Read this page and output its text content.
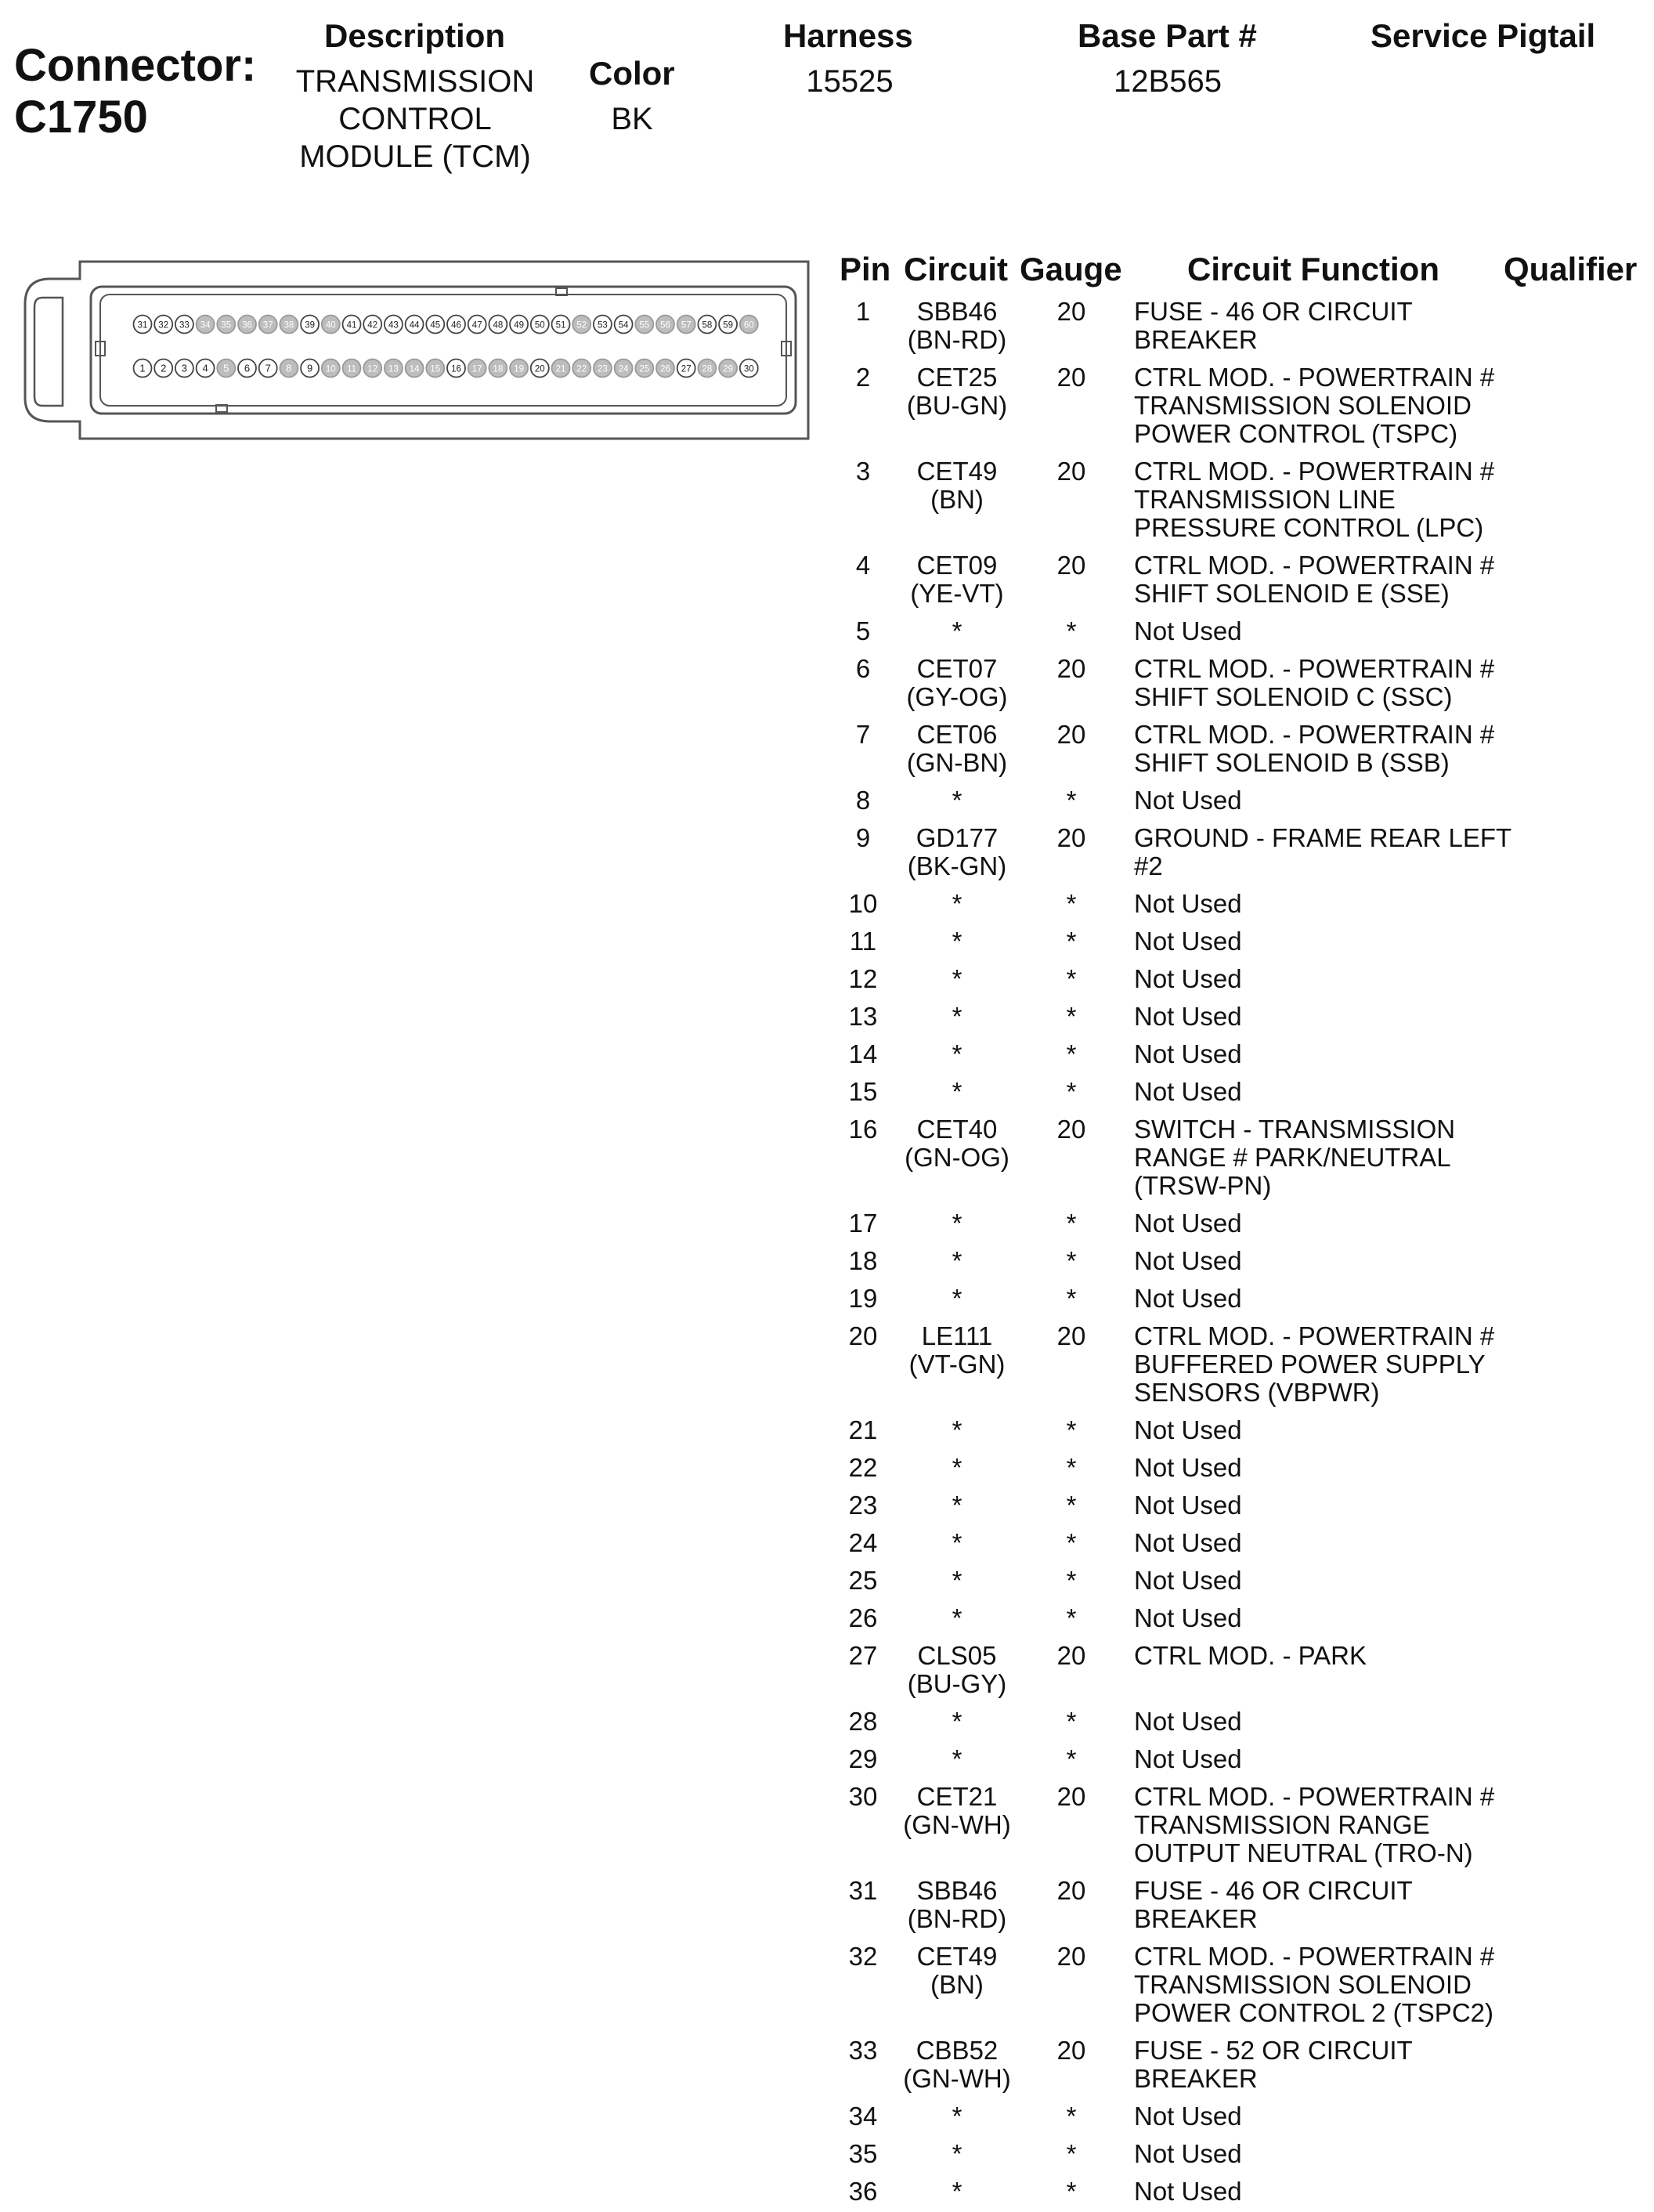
Connector:
C1750
Description
TRANSMISSION
CONTROL
MODULE (TCM)
Color
BK
Harness
15525
Base Part #
12B565
Service Pigtail
31 32 33 34 35 36 37 38 39 40 41 42 43 44 45 46 47 48 49 50 51 52 53 54 55 56 57 58 59 60
1 2 3 4 5 6 7 8 9 10 11 12 13 14 15 16 17 18 19 20 21 22 23 24 25 26 27 28 29 30
Pin Circuit Gauge Circuit Function Qualifier
1	SBB46
(BN-RD)
20	FUSE - 46 OR CIRCUIT
BREAKER
2	CET25
(BU-GN)
20	CTRL MOD. - POWERTRAIN #
TRANSMISSION SOLENOID
POWER CONTROL (TSPC)
3	CET49
(BN)
20	CTRL MOD. - POWERTRAIN #
TRANSMISSION LINE
PRESSURE CONTROL (LPC)
4	CET09
(YE-VT)
20	CTRL MOD. - POWERTRAIN #
SHIFT SOLENOID E (SSE)
5	*	*	Not Used
6	CET07
(GY-OG)
20	CTRL MOD. - POWERTRAIN #
SHIFT SOLENOID C (SSC)
7	CET06
(GN-BN)
20	CTRL MOD. - POWERTRAIN #
SHIFT SOLENOID B (SSB)
8	*	*	Not Used
9	GD177
(BK-GN)
20	GROUND - FRAME REAR LEFT
#2
10	*	*	Not Used
11	*	*	Not Used
12	*	*	Not Used
13	*	*	Not Used
14	*	*	Not Used
15	*	*	Not Used
16	CET40
(GN-OG)
20	SWITCH - TRANSMISSION
RANGE # PARK/NEUTRAL
(TRSW-PN)
17	*	*	Not Used
18	*	*	Not Used
19	*	*	Not Used
20	LE111
(VT-GN)
20	CTRL MOD. - POWERTRAIN #
BUFFERED POWER SUPPLY
SENSORS (VBPWR)
21	*	*	Not Used
22	*	*	Not Used
23	*	*	Not Used
24	*	*	Not Used
25	*	*	Not Used
26	*	*	Not Used
27	CLS05
(BU-GY)
20	CTRL MOD. - PARK
28	*	*	Not Used
29	*	*	Not Used
30	CET21
(GN-WH)
20	CTRL MOD. - POWERTRAIN #
TRANSMISSION RANGE
OUTPUT NEUTRAL (TRO-N)
31	SBB46
(BN-RD)
20	FUSE - 46 OR CIRCUIT
BREAKER
32	CET49
(BN)
20	CTRL MOD. - POWERTRAIN #
TRANSMISSION SOLENOID
POWER CONTROL 2 (TSPC2)
33	CBB52
(GN-WH)
20	FUSE - 52 OR CIRCUIT
BREAKER
34	*	*	Not Used
35	*	*	Not Used
36	*	*	Not Used
